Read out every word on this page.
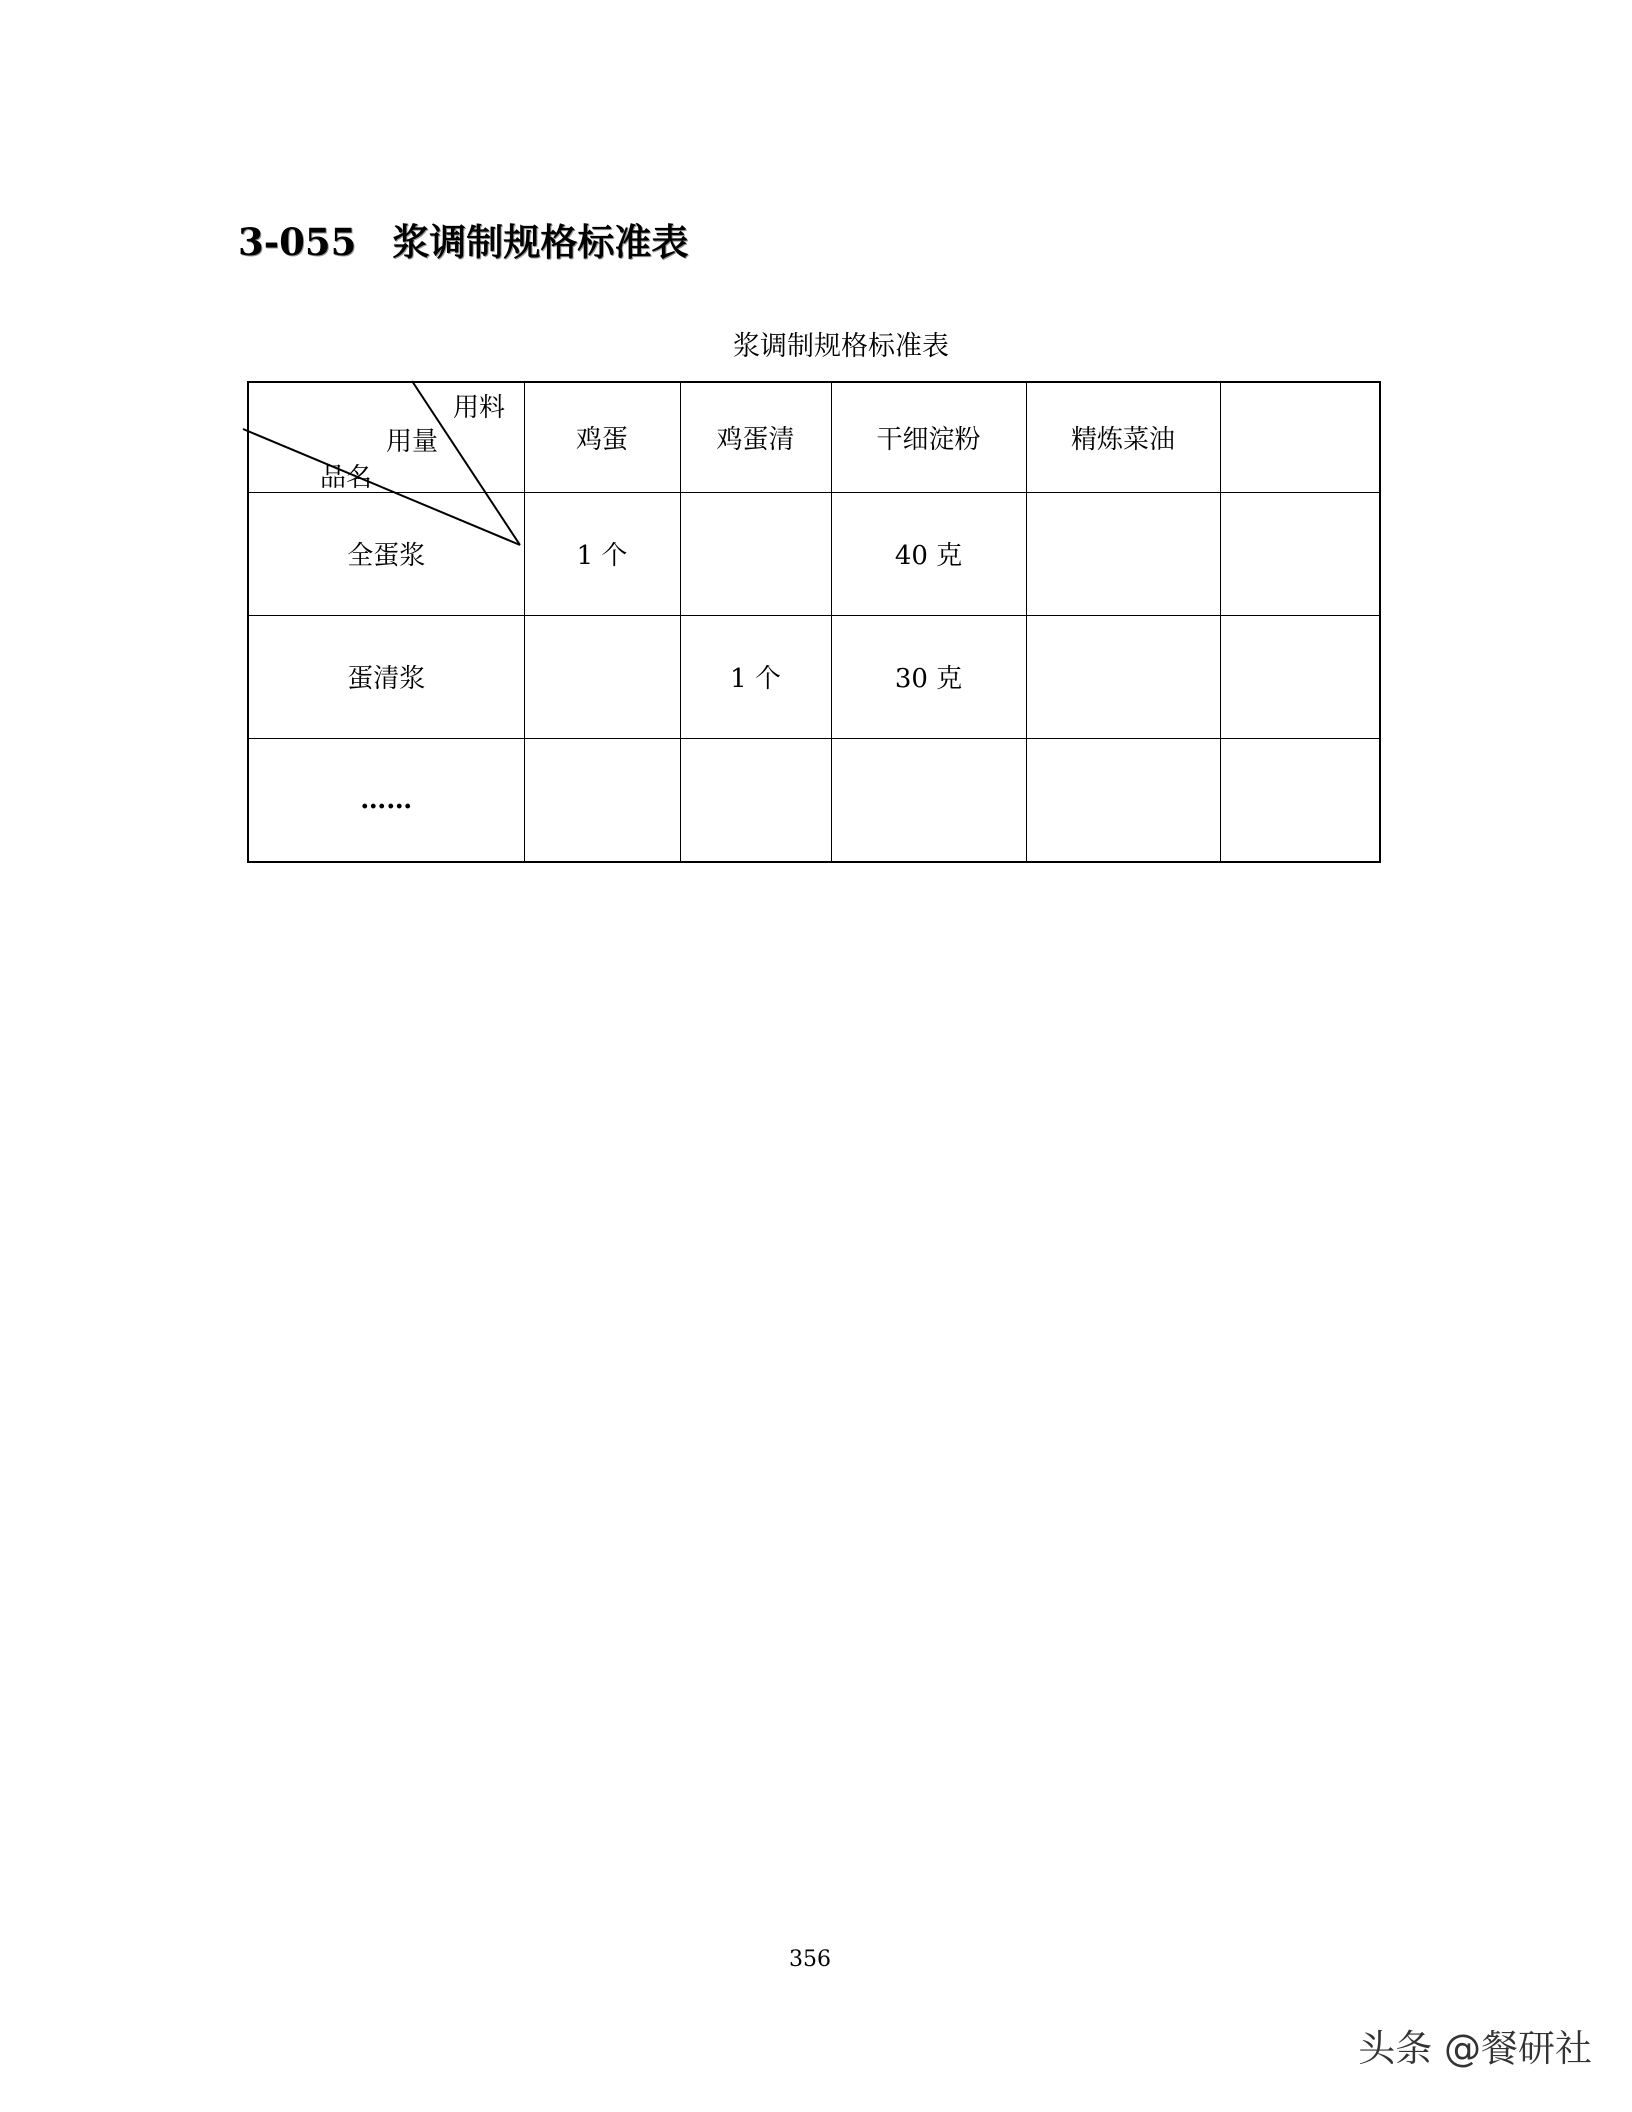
3-055 浆调制规格标准表
浆调制规格标准表
用料
用量
品名	鸡蛋	鸡蛋清	干细淀粉	精炼菜油	
全蛋浆	1 个		40 克		
蛋清浆		1 个	30 克		
……					
356
头条 @餐研社
